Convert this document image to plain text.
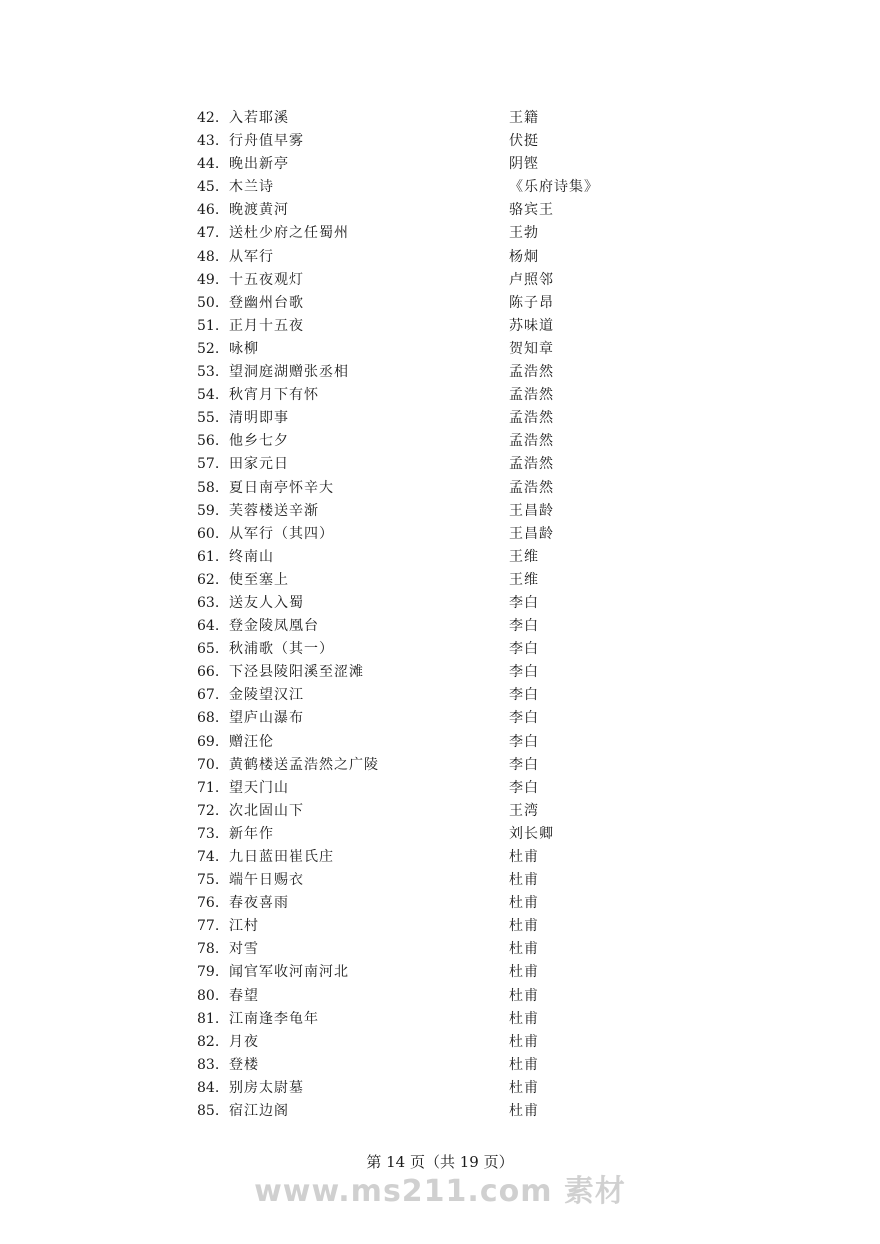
42. 入若耶溪	王籍
43. 行舟值早雾	伏挺
44. 晚出新亭	阴铿
45. 木兰诗	《乐府诗集》
46. 晚渡黄河	骆宾王
47. 送杜少府之任蜀州	王勃
48. 从军行	杨炯
49. 十五夜观灯	卢照邻
50. 登幽州台歌	陈子昂
51. 正月十五夜	苏味道
52. 咏柳	贺知章
53. 望洞庭湖赠张丞相	孟浩然
54. 秋宵月下有怀	孟浩然
55. 清明即事	孟浩然
56. 他乡七夕	孟浩然
57. 田家元日	孟浩然
58. 夏日南亭怀辛大	孟浩然
59. 芙蓉楼送辛渐	王昌龄
60. 从军行（其四）	王昌龄
61. 终南山	王维
62. 使至塞上	王维
63. 送友人入蜀	李白
64. 登金陵凤凰台	李白
65. 秋浦歌（其一）	李白
66. 下泾县陵阳溪至涩滩	李白
67. 金陵望汉江	李白
68. 望庐山瀑布	李白
69. 赠汪伦	李白
70. 黄鹤楼送孟浩然之广陵	李白
71. 望天门山	李白
72. 次北固山下	王湾
73. 新年作	刘长卿
74. 九日蓝田崔氏庄	杜甫
75. 端午日赐衣	杜甫
76. 春夜喜雨	杜甫
77. 江村	杜甫
78. 对雪	杜甫
79. 闻官军收河南河北	杜甫
80. 春望	杜甫
81. 江南逢李龟年	杜甫
82. 月夜	杜甫
83. 登楼	杜甫
84. 别房太尉墓	杜甫
85. 宿江边阁	杜甫
第 14 页（共 19 页）
www.ms211.com 素材
